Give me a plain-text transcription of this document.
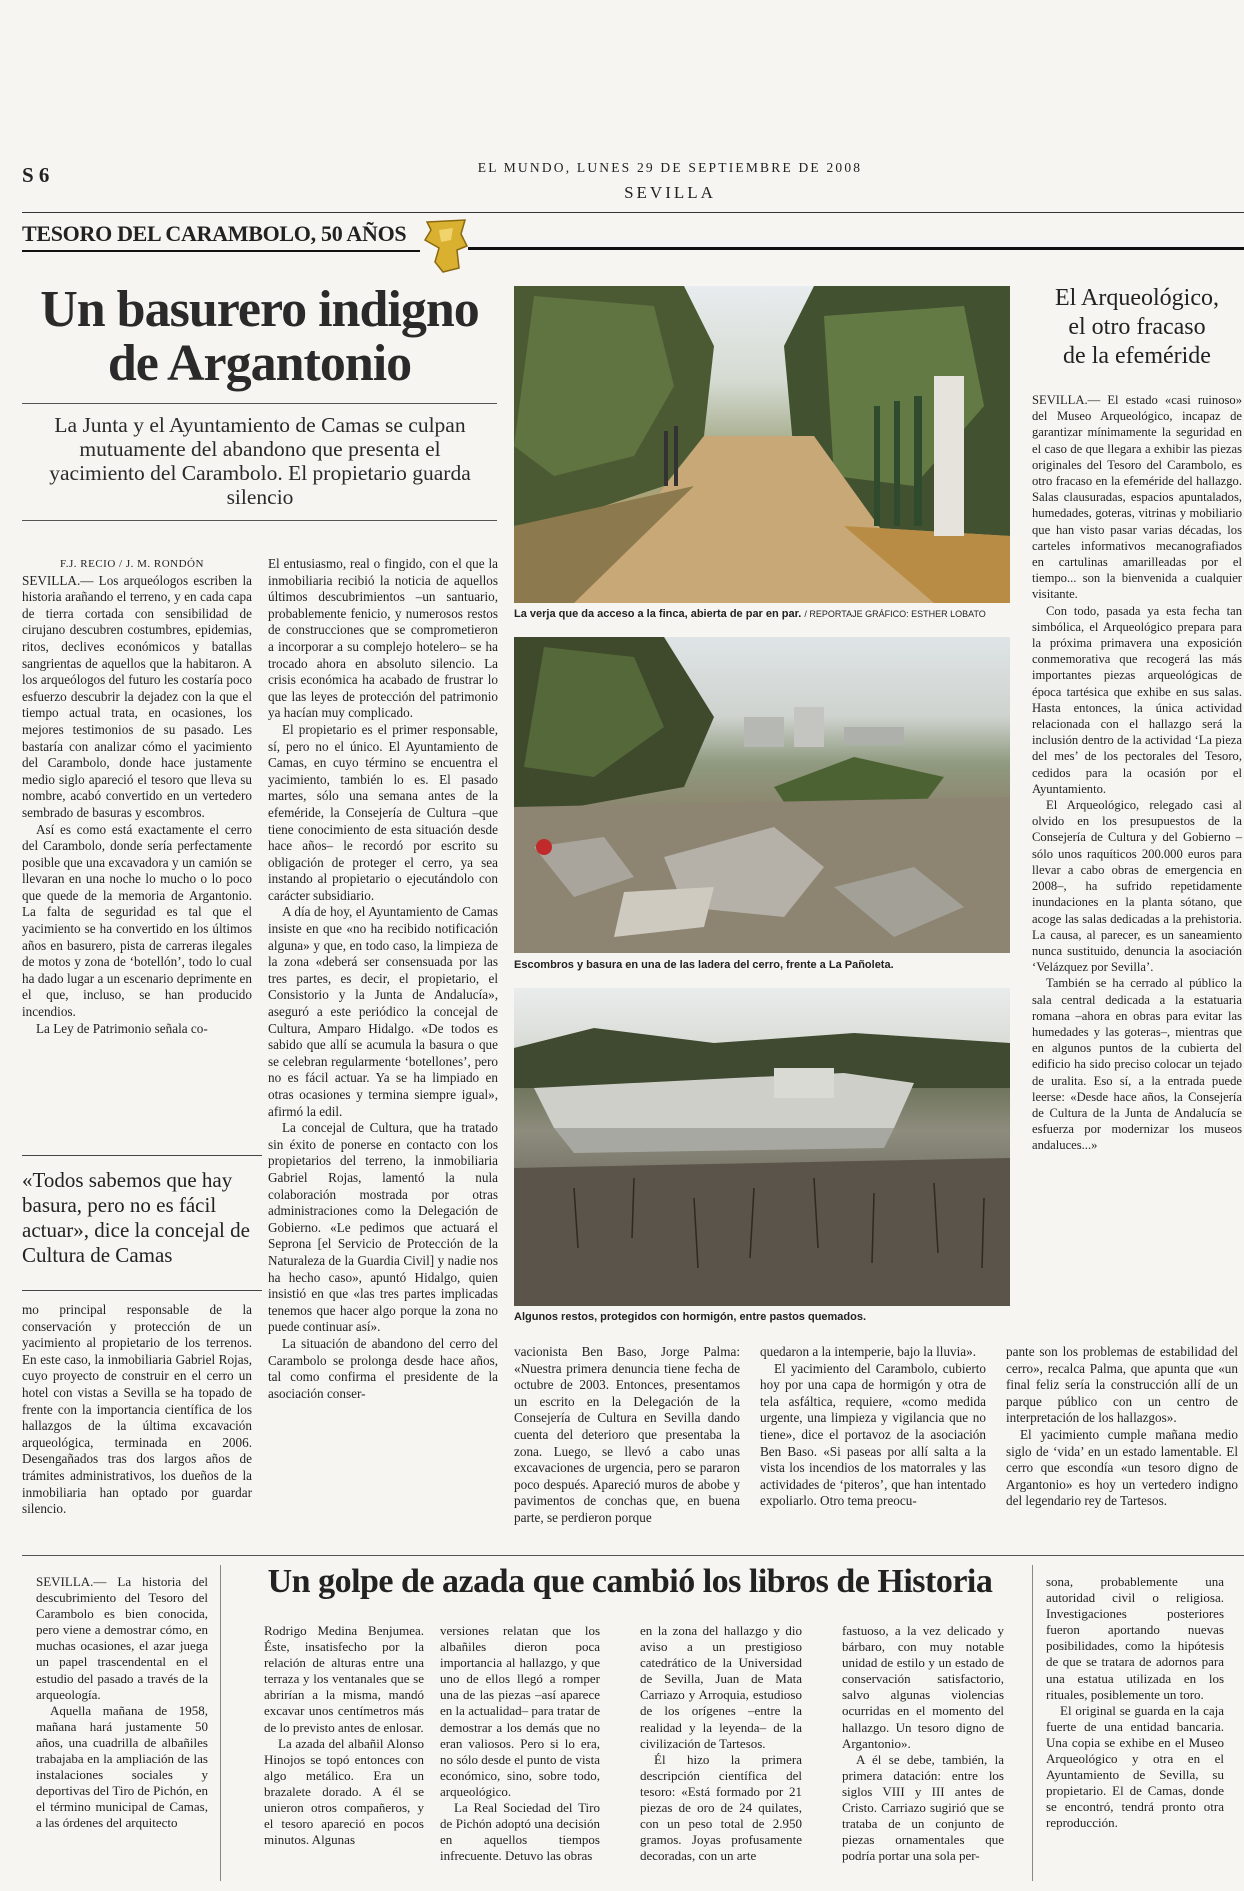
S 6	EL MUNDO, LUNES 29 DE SEPTIEMBRE DE 2008
SEVILLA
TESORO DEL CARAMBOLO, 50 AÑOS
Un basurero indigno
de Argantonio
La Junta y el Ayuntamiento de Camas se culpan mutuamente del abandono que presenta el yacimiento del Carambolo. El propietario guarda silencio

F.J. RECIO / J. M. RONDÓN

SEVILLA.— Los arqueólogos escriben la historia arañando el terreno, y en cada capa de tierra cortada con sensibilidad de cirujano descubren costumbres, epidemias, ritos, declives económicos y batallas sangrientas de aquellos que la habitaron. A los arqueólogos del futuro les costaría poco esfuerzo descubrir la dejadez con la que el tiempo actual trata, en ocasiones, los mejores testimonios de su pasado. Les bastaría con analizar cómo el yacimiento del Carambolo, donde hace justamente medio siglo apareció el tesoro que lleva su nombre, acabó convertido en un vertedero sembrado de basuras y escombros.

Así es como está exactamente el cerro del Carambolo, donde sería perfectamente posible que una excavadora y un camión se llevaran en una noche lo mucho o lo poco que quede de la memoria de Argantonio. La falta de seguridad es tal que el yacimiento se ha convertido en los últimos años en basurero, pista de carreras ilegales de motos y zona de ‘botellón’, todo lo cual ha dado lugar a un escenario deprimente en el que, incluso, se han producido incendios.

La Ley de Patrimonio señala co-

«Todos sabemos que hay basura, pero no es fácil actuar», dice la concejal de Cultura de Camas

mo principal responsable de la conservación y protección de un yacimiento al propietario de los terrenos. En este caso, la inmobiliaria Gabriel Rojas, cuyo proyecto de construir en el cerro un hotel con vistas a Sevilla se ha topado de frente con la importancia científica de los hallazgos de la última excavación arqueológica, terminada en 2006. Desengañados tras dos largos años de trámites administrativos, los dueños de la inmobiliaria han optado por guardar silencio.

El entusiasmo, real o fingido, con el que la inmobiliaria recibió la noticia de aquellos últimos descubrimientos –un santuario, probablemente fenicio, y numerosos restos de construcciones que se comprometieron a incorporar a su complejo hotelero– se ha trocado ahora en absoluto silencio. La crisis económica ha acabado de frustrar lo que las leyes de protección del patrimonio ya hacían muy complicado.

El propietario es el primer responsable, sí, pero no el único. El Ayuntamiento de Camas, en cuyo término se encuentra el yacimiento, también lo es. El pasado martes, sólo una semana antes de la efeméride, la Consejería de Cultura –que tiene conocimiento de esta situación desde hace años– le recordó por escrito su obligación de proteger el cerro, ya sea instando al propietario o ejecutándolo con carácter subsidiario.

A día de hoy, el Ayuntamiento de Camas insiste en que «no ha recibido notificación alguna» y que, en todo caso, la limpieza de la zona «deberá ser consensuada por las tres partes, es decir, el propietario, el Consistorio y la Junta de Andalucía», aseguró a este periódico la concejal de Cultura, Amparo Hidalgo. «De todos es sabido que allí se acumula la basura o que se celebran regularmente ‘botellones’, pero no es fácil actuar. Ya se ha limpiado en otras ocasiones y termina siempre igual», afirmó la edil.

La concejal de Cultura, que ha tratado sin éxito de ponerse en contacto con los propietarios del terreno, la inmobiliaria Gabriel Rojas, lamentó la nula colaboración mostrada por otras administraciones como la Delegación de Gobierno. «Le pedimos que actuará el Seprona [el Servicio de Protección de la Naturaleza de la Guardia Civil] y nadie nos ha hecho caso», apuntó Hidalgo, quien insistió en que «las tres partes implicadas tenemos que hacer algo porque la zona no puede continuar así».

La situación de abandono del cerro del Carambolo se prolonga desde hace años, tal como confirma el presidente de la asociación conser-

La verja que da acceso a la finca, abierta de par en par. / REPORTAJE GRÁFICO: ESTHER LOBATO
Escombros y basura en una de las ladera del cerro, frente a La Pañoleta.
Algunos restos, protegidos con hormigón, entre pastos quemados.

vacionista Ben Baso, Jorge Palma: «Nuestra primera denuncia tiene fecha de octubre de 2003. Entonces, presentamos un escrito en la Delegación de la Consejería de Cultura en Sevilla dando cuenta del deterioro que presentaba la zona. Luego, se llevó a cabo unas excavaciones de urgencia, pero se pararon poco después. Apareció muros de abobe y pavimentos de conchas que, en buena parte, se perdieron porque

quedaron a la intemperie, bajo la lluvia».

El yacimiento del Carambolo, cubierto hoy por una capa de hormigón y otra de tela asfáltica, requiere, «como medida urgente, una limpieza y vigilancia que no tiene», dice el portavoz de la asociación Ben Baso. «Si paseas por allí salta a la vista los incendios de los matorrales y las actividades de ‘piteros’, que han intentado expoliarlo. Otro tema preocu-

pante son los problemas de estabilidad del cerro», recalca Palma, que apunta que «un final feliz sería la construcción allí de un parque público con un centro de interpretación de los hallazgos».

El yacimiento cumple mañana medio siglo de ‘vida’ en un estado lamentable. El cerro que escondía «un tesoro digno de Argantonio» es hoy un vertedero indigno del legendario rey de Tartesos.

El Arqueológico,
el otro fracaso
de la efeméride

SEVILLA.— El estado «casi ruinoso» del Museo Arqueológico, incapaz de garantizar mínimamente la seguridad en el caso de que llegara a exhibir las piezas originales del Tesoro del Carambolo, es otro fracaso en la efeméride del hallazgo. Salas clausuradas, espacios apuntalados, humedades, goteras, vitrinas y mobiliario que han visto pasar varias décadas, los carteles informativos mecanografiados en cartulinas amarilleadas por el tiempo... son la bienvenida a cualquier visitante.

Con todo, pasada ya esta fecha tan simbólica, el Arqueológico prepara para la próxima primavera una exposición conmemorativa que recogerá las más importantes piezas arqueológicas de época tartésica que exhibe en sus salas. Hasta entonces, la única actividad relacionada con el hallazgo será la inclusión dentro de la actividad ‘La pieza del mes’ de los pectorales del Tesoro, cedidos para la ocasión por el Ayuntamiento.

El Arqueológico, relegado casi al olvido en los presupuestos de la Consejería de Cultura y del Gobierno –sólo unos raquíticos 200.000 euros para llevar a cabo obras de emergencia en 2008–, ha sufrido repetidamente inundaciones en la planta sótano, que acoge las salas dedicadas a la prehistoria. La causa, al parecer, es un saneamiento nunca sustituido, denuncia la asociación ‘Velázquez por Sevilla’.

También se ha cerrado al público la sala central dedicada a la estatuaria romana –ahora en obras para evitar las humedades y las goteras–, mientras que en algunos puntos de la cubierta del edificio ha sido preciso colocar un tejado de uralita. Eso sí, a la entrada puede leerse: «Desde hace años, la Consejería de Cultura de la Junta de Andalucía se esfuerza por modernizar los museos andaluces...»

Un golpe de azada que cambió los libros de Historia

SEVILLA.— La historia del descubrimiento del Tesoro del Carambolo es bien conocida, pero viene a demostrar cómo, en muchas ocasiones, el azar juega un papel trascendental en el estudio del pasado a través de la arqueología.

Aquella mañana de 1958, mañana hará justamente 50 años, una cuadrilla de albañiles trabajaba en la ampliación de las instalaciones sociales y deportivas del Tiro de Pichón, en el término municipal de Camas, a las órdenes del arquitecto

Rodrigo Medina Benjumea. Éste, insatisfecho por la relación de alturas entre una terraza y los ventanales que se abrirían a la misma, mandó excavar unos centímetros más de lo previsto antes de enlosar.

La azada del albañil Alonso Hinojos se topó entonces con algo metálico. Era un brazalete dorado. A él se unieron otros compañeros, y el tesoro apareció en pocos minutos. Algunas

versiones relatan que los albañiles dieron poca importancia al hallazgo, y que uno de ellos llegó a romper una de las piezas –así aparece en la actualidad– para tratar de demostrar a los demás que no eran valiosos. Pero si lo era, no sólo desde el punto de vista económico, sino, sobre todo, arqueológico.

La Real Sociedad del Tiro de Pichón adoptó una decisión en aquellos tiempos infrecuente. Detuvo las obras

en la zona del hallazgo y dio aviso a un prestigioso catedrático de la Universidad de Sevilla, Juan de Mata Carriazo y Arroquia, estudioso de los orígenes –entre la realidad y la leyenda– de la civilización de Tartesos.

Él hizo la primera descripción científica del tesoro: «Está formado por 21 piezas de oro de 24 quilates, con un peso total de 2.950 gramos. Joyas profusamente decoradas, con un arte

fastuoso, a la vez delicado y bárbaro, con muy notable unidad de estilo y un estado de conservación satisfactorio, salvo algunas violencias ocurridas en el momento del hallazgo. Un tesoro digno de Argantonio».

A él se debe, también, la primera datación: entre los siglos VIII y III antes de Cristo. Carriazo sugirió que se trataba de un conjunto de piezas ornamentales que podría portar una sola per-

sona, probablemente una autoridad civil o religiosa. Investigaciones posteriores fueron aportando nuevas posibilidades, como la hipótesis de que se tratara de adornos para una estatua utilizada en los rituales, posiblemente un toro.

El original se guarda en la caja fuerte de una entidad bancaria. Una copia se exhibe en el Museo Arqueológico y otra en el Ayuntamiento de Sevilla, su propietario. El de Camas, donde se encontró, tendrá pronto otra reproducción.
